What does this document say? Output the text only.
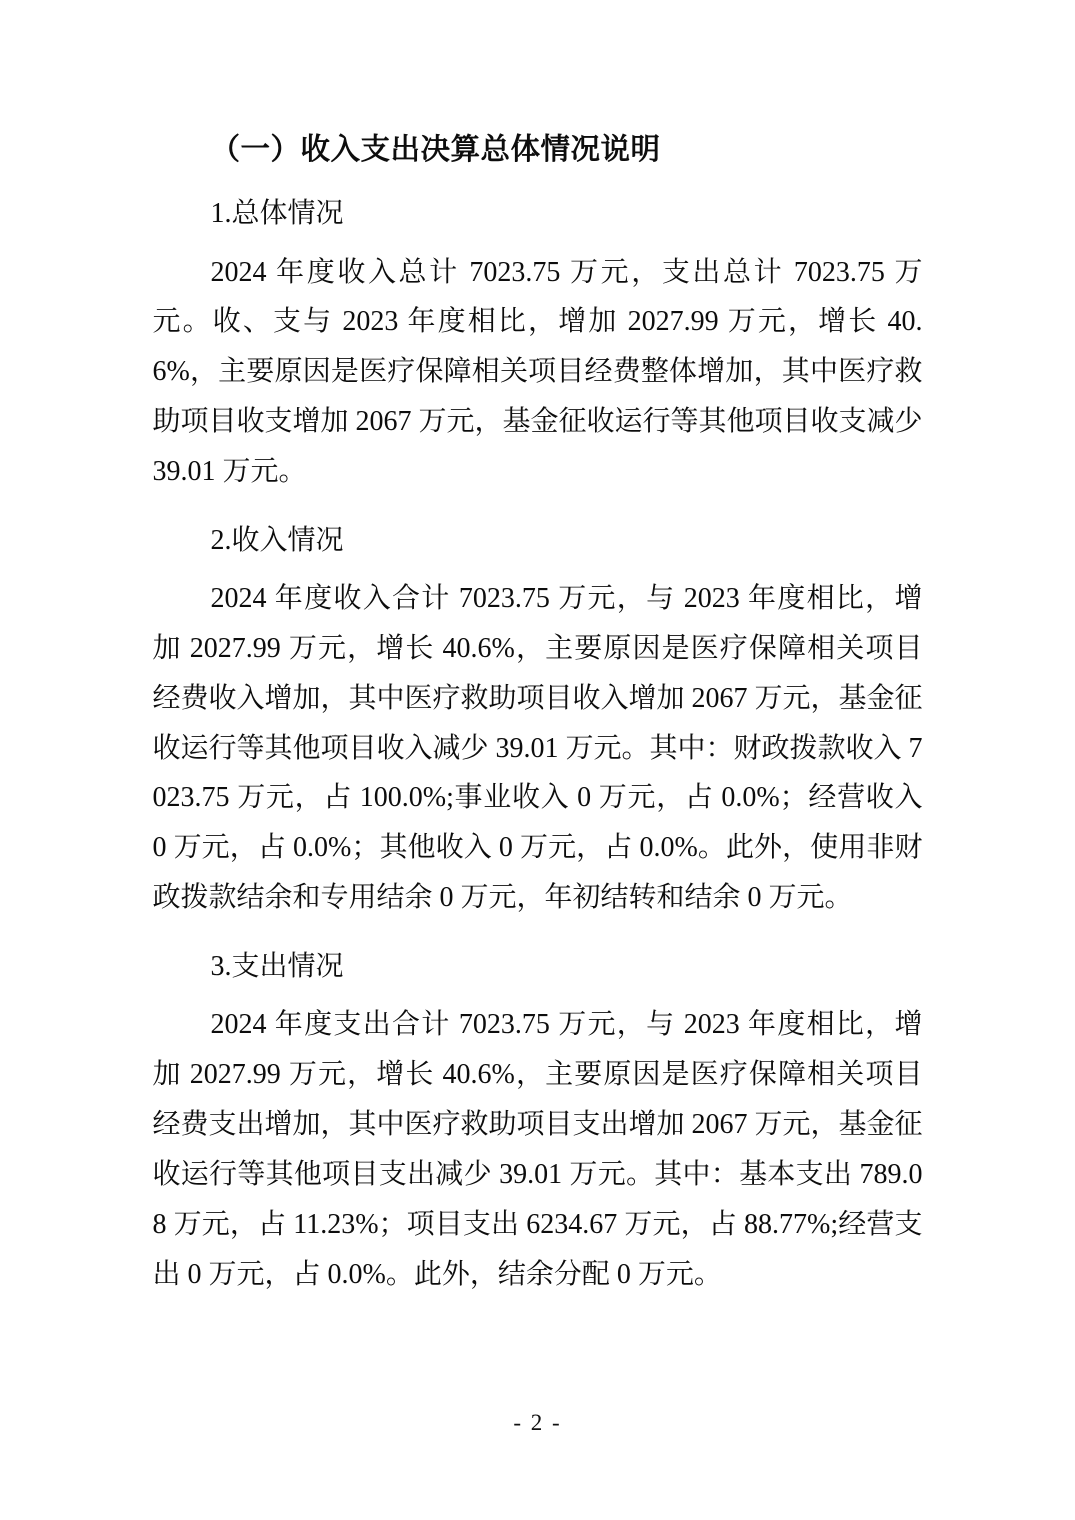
（一）收入支出决算总体情况说明
1.总体情况

2024 年度收入总计 7023.75 万元，支出总计 7023.75 万元。收、支与 2023 年度相比，增加 2027.99 万元，增长 40.6%，主要原因是医疗保障相关项目经费整体增加，其中医疗救助项目收支增加 2067 万元，基金征收运行等其他项目收支减少 39.01 万元。

2.收入情况

2024 年度收入合计 7023.75 万元，与 2023 年度相比，增加 2027.99 万元，增长 40.6%，主要原因是医疗保障相关项目经费收入增加，其中医疗救助项目收入增加 2067 万元，基金征收运行等其他项目收入减少 39.01 万元。其中：财政拨款收入 7023.75 万元，占 100.0%;事业收入 0 万元，占 0.0%；经营收入 0 万元，占 0.0%；其他收入 0 万元，占 0.0%。此外，使用非财政拨款结余和专用结余 0 万元，年初结转和结余 0 万元。

3.支出情况

2024 年度支出合计 7023.75 万元，与 2023 年度相比，增加 2027.99 万元，增长 40.6%，主要原因是医疗保障相关项目经费支出增加，其中医疗救助项目支出增加 2067 万元，基金征收运行等其他项目支出减少 39.01 万元。其中：基本支出 789.08 万元，占 11.23%；项目支出 6234.67 万元，占 88.77%;经营支出 0 万元，占 0.0%。此外，结余分配 0 万元。

- 2 -
